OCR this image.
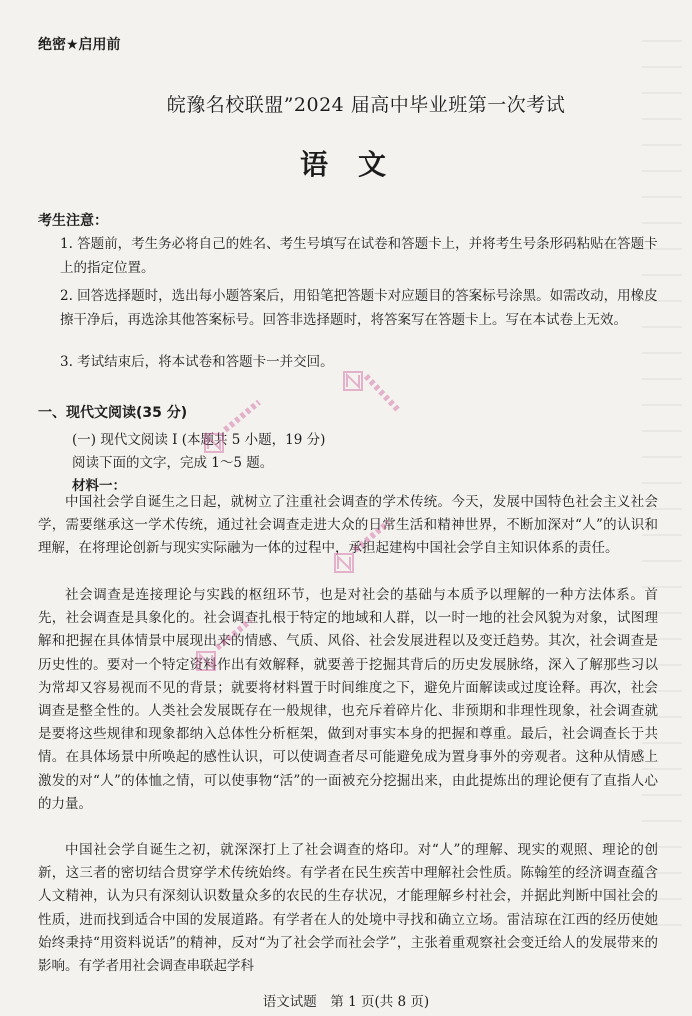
绝密★启用前
皖豫名校联盟”2024 届高中毕业班第一次考试
语文
考生注意：
1. 答题前，考生务必将自己的姓名、考生号填写在试卷和答题卡上，并将考生号条形码粘贴在答题卡上的指定位置。
2. 回答选择题时，选出每小题答案后，用铅笔把答题卡对应题目的答案标号涂黑。如需改动，用橡皮擦干净后，再选涂其他答案标号。回答非选择题时，将答案写在答题卡上。写在本试卷上无效。
3. 考试结束后，将本试卷和答题卡一并交回。
一、现代文阅读(35 分)
(一) 现代文阅读 Ⅰ (本题共 5 小题，19 分)
阅读下面的文字，完成 1～5 题。
材料一：
中国社会学自诞生之日起，就树立了注重社会调查的学术传统。今天，发展中国特色社会主义社会学，需要继承这一学术传统，通过社会调查走进大众的日常生活和精神世界，不断加深对“人”的认识和理解，在将理论创新与现实实际融为一体的过程中，承担起建构中国社会学自主知识体系的责任。
社会调查是连接理论与实践的枢纽环节，也是对社会的基础与本质予以理解的一种方法体系。首先，社会调查是具象化的。社会调查扎根于特定的地域和人群，以一时一地的社会风貌为对象，试图理解和把握在具体情景中展现出来的情感、气质、风俗、社会发展进程以及变迁趋势。其次，社会调查是历史性的。要对一个特定资料作出有效解释，就要善于挖掘其背后的历史发展脉络，深入了解那些习以为常却又容易视而不见的背景；就要将材料置于时间维度之下，避免片面解读或过度诠释。再次，社会调查是整全性的。人类社会发展既存在一般规律，也充斥着碎片化、非预期和非理性现象，社会调查就是要将这些规律和现象都纳入总体性分析框架，做到对事实本身的把握和尊重。最后，社会调查长于共情。在具体场景中所唤起的感性认识，可以使调查者尽可能避免成为置身事外的旁观者。这种从情感上激发的对“人”的体恤之情，可以使事物“活”的一面被充分挖掘出来，由此提炼出的理论便有了直指人心的力量。
中国社会学自诞生之初，就深深打上了社会调查的烙印。对“人”的理解、现实的观照、理论的创新，这三者的密切结合贯穿学术传统始终。有学者在民生疾苦中理解社会性质。陈翰笙的经济调查蕴含人文精神，认为只有深刻认识数量众多的农民的生存状况，才能理解乡村社会，并据此判断中国社会的性质，进而找到适合中国的发展道路。有学者在人的处境中寻找和确立立场。雷洁琼在江西的经历使她始终秉持“用资料说话”的精神，反对“为了社会学而社会学”，主张着重观察社会变迁给人的发展带来的影响。有学者用社会调查串联起学科
语文试题　第 1 页(共 8 页)
